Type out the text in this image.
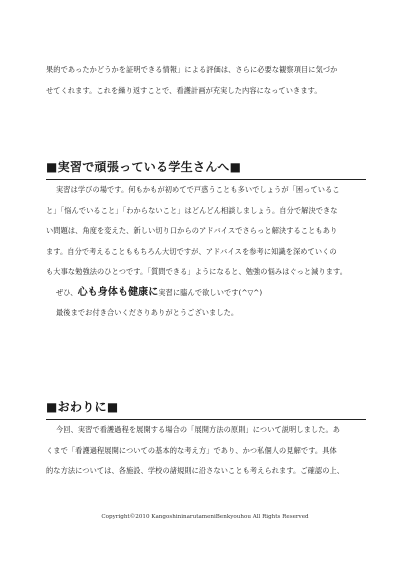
果的であったかどうかを証明できる情報」による評価は、さらに必要な観察項目に気づか
せてくれます。これを繰り返すことで、看護計画が充実した内容になっていきます。
■実習で頑張っている学生さんへ■
実習は学びの場です。何もかもが初めてで戸惑うことも多いでしょうが「困っているこ
と」「悩んでいること」「わからないこと」はどんどん相談しましょう。自分で解決できな
い問題は、角度を変えた、新しい切り口からのアドバイスでさらっと解決することもあり
ます。自分で考えることももちろん大切ですが、アドバイスを参考に知識を深めていくの
も大事な勉強法のひとつです。「質問できる」ようになると、勉強の悩みはぐっと減ります。
ぜひ、心も身体も健康に実習に臨んで欲しいです(^▽^)
最後までお付き合いくださりありがとうございました。
■おわりに■
今回、実習で看護過程を展開する場合の「展開方法の原則」について説明しました。あ
くまで「看護過程展開についての基本的な考え方」であり、かつ私個人の見解です。具体
的な方法については、各施設、学校の諸規則に沿さないことも考えられます。ご確認の上、
Copyright©2010 KangoshininarutameniBenkyouhou All Rights Reserved
